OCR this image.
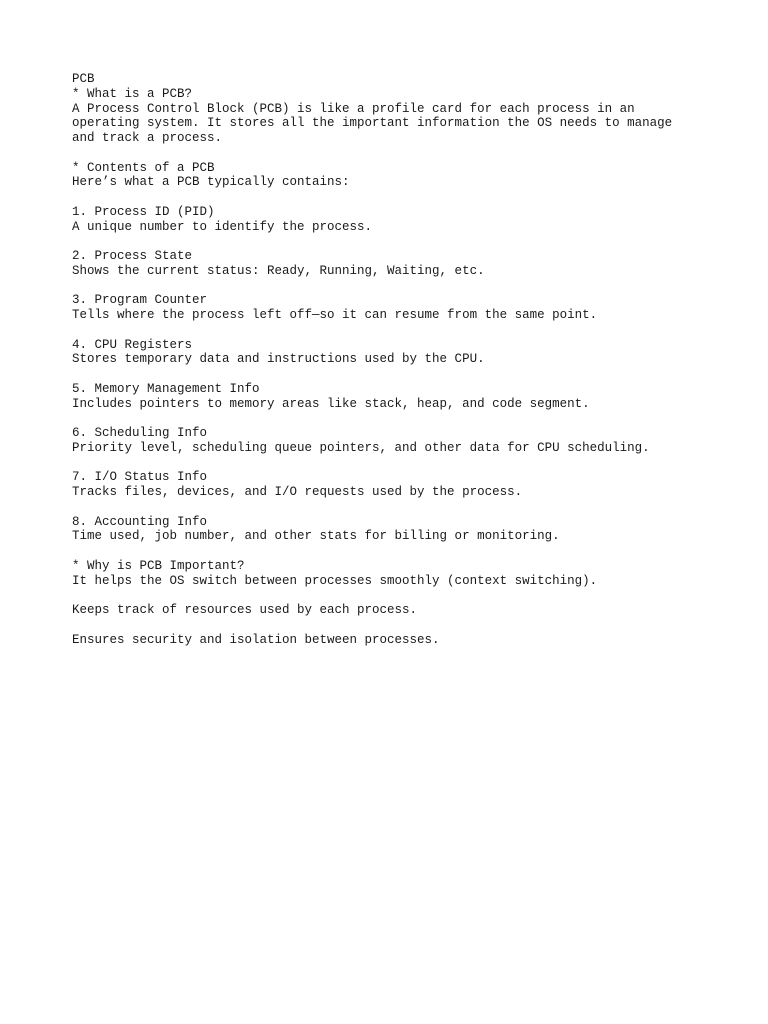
PCB
* What is a PCB?
A Process Control Block (PCB) is like a profile card for each process in an
operating system. It stores all the important information the OS needs to manage
and track a process.
* Contents of a PCB
Here’s what a PCB typically contains:
1. Process ID (PID)
A unique number to identify the process.
2. Process State
Shows the current status: Ready, Running, Waiting, etc.
3. Program Counter
Tells where the process left off—so it can resume from the same point.
4. CPU Registers
Stores temporary data and instructions used by the CPU.
5. Memory Management Info
Includes pointers to memory areas like stack, heap, and code segment.
6. Scheduling Info
Priority level, scheduling queue pointers, and other data for CPU scheduling.
7. I/O Status Info
Tracks files, devices, and I/O requests used by the process.
8. Accounting Info
Time used, job number, and other stats for billing or monitoring.
* Why is PCB Important?
It helps the OS switch between processes smoothly (context switching).
Keeps track of resources used by each process.
Ensures security and isolation between processes.
